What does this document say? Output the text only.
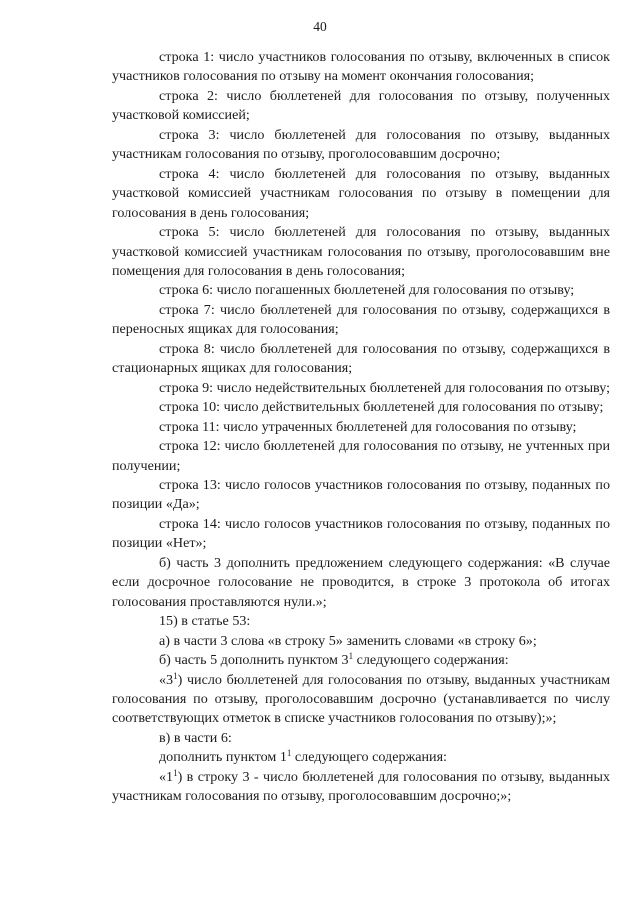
40

строка 1: число участников голосования по отзыву, включенных в список участников голосования по отзыву на момент окончания голосования;

строка 2: число бюллетеней для голосования по отзыву, полученных участковой комиссией;

строка 3: число бюллетеней для голосования по отзыву, выданных участникам голосования по отзыву, проголосовавшим досрочно;

строка 4: число бюллетеней для голосования по отзыву, выданных участковой комиссией участникам голосования по отзыву в помещении для голосования в день голосования;

строка 5: число бюллетеней для голосования по отзыву, выданных участковой комиссией участникам голосования по отзыву, проголосовавшим вне помещения для голосования в день голосования;

строка 6: число погашенных бюллетеней для голосования по отзыву;

строка 7: число бюллетеней для голосования по отзыву, содержащихся в переносных ящиках для голосования;

строка 8: число бюллетеней для голосования по отзыву, содержащихся в стационарных ящиках для голосования;

строка 9: число недействительных бюллетеней для голосования по отзыву;

строка 10: число действительных бюллетеней для голосования по отзыву;

строка 11: число утраченных бюллетеней для голосования по отзыву;

строка 12: число бюллетеней для голосования по отзыву, не учтенных при получении;

строка 13: число голосов участников голосования по отзыву, поданных по позиции «Да»;

строка 14: число голосов участников голосования по отзыву, поданных по позиции «Нет»;

б) часть 3 дополнить предложением следующего содержания: «В случае если досрочное голосование не проводится, в строке 3 протокола об итогах голосования проставляются нули.»;

15) в статье 53:

а) в части 3 слова «в строку 5» заменить словами «в строку 6»;

б) часть 5 дополнить пунктом $3^1$ следующего содержания:

«$3^1$) число бюллетеней для голосования по отзыву, выданных участникам голосования по отзыву, проголосовавшим досрочно (устанавливается по числу соответствующих отметок в списке участников голосования по отзыву);»;

в) в части 6:

дополнить пунктом $1^1$ следующего содержания:

«$1^1$) в строку 3 - число бюллетеней для голосования по отзыву, выданных участникам голосования по отзыву, проголосовавшим досрочно;»;
